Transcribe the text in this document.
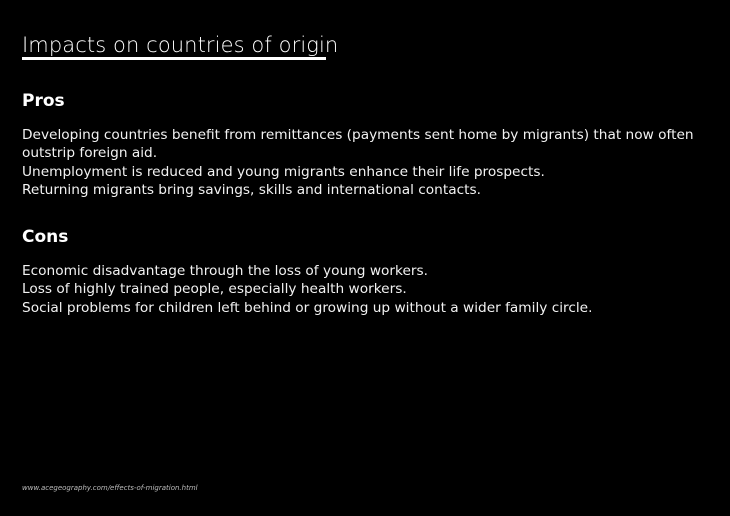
Impacts on countries of origin
Pros

Developing countries benefit from remittances (payments sent home by migrants) that now often outstrip foreign aid.

Unemployment is reduced and young migrants enhance their life prospects.

Returning migrants bring savings, skills and international contacts.

Cons

Economic disadvantage through the loss of young workers.

Loss of highly trained people, especially health workers.

Social problems for children left behind or growing up without a wider family circle.

www.acegeography.com/effects-of-migration.html
